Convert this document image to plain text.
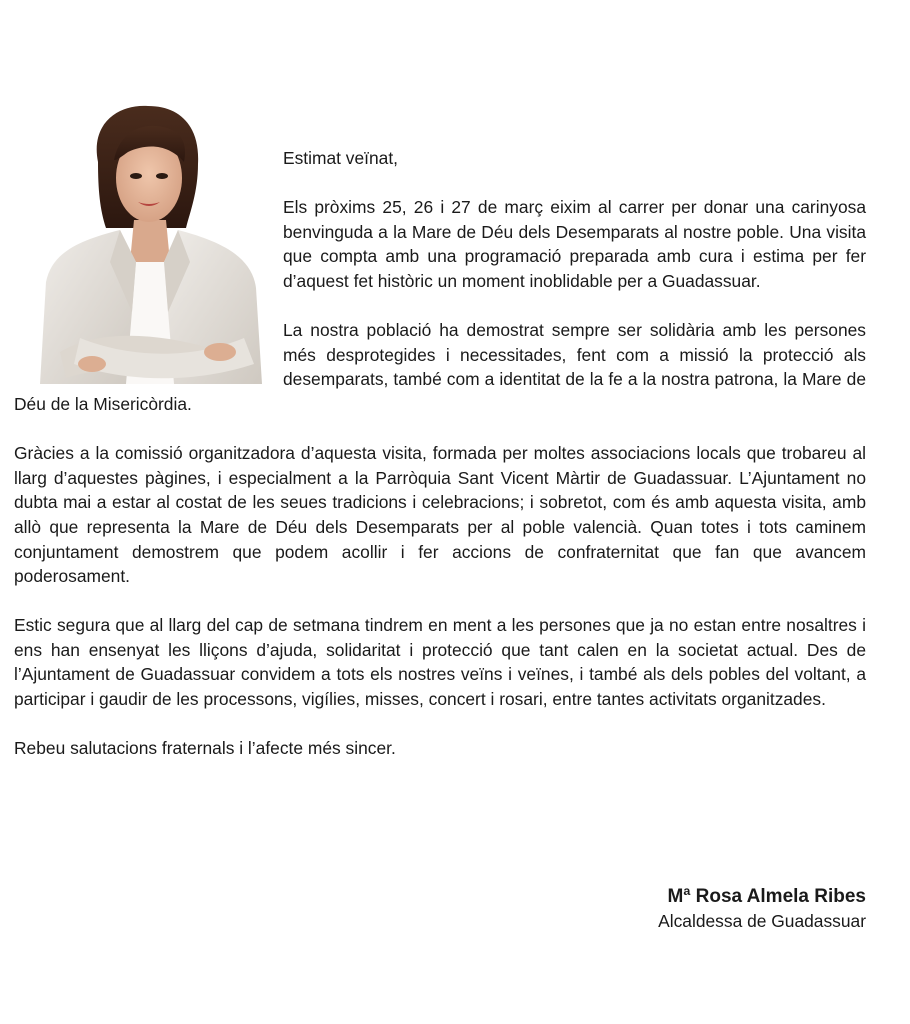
Estimat veïnat,

Els pròxims 25, 26 i 27 de març eixim al carrer per donar una carinyosa benvinguda a la Mare de Déu dels Desemparats al nostre poble. Una visita que compta amb una programació preparada amb cura i estima per fer d’aquest fet històric un moment inoblidable per a Guadassuar.

La nostra població ha demostrat sempre ser solidària amb les persones més desprotegides i necessitades, fent com a missió la protecció als desemparats, també com a identitat de la fe a la nostra patrona, la Mare de Déu de la Misericòrdia.

Gràcies a la comissió organitzadora d’aquesta visita, formada per moltes associacions locals que trobareu al llarg d’aquestes pàgines, i especialment a la Parròquia Sant Vicent Màrtir de Guadassuar. L’Ajuntament no dubta mai a estar al costat de les seues tradicions i celebracions; i sobretot, com és amb aquesta visita, amb allò que representa la Mare de Déu dels Desemparats per al poble valencià. Quan totes i tots caminem conjuntament demostrem que podem acollir i fer accions de confraternitat que fan que avancem poderosament.

Estic segura que al llarg del cap de setmana tindrem en ment a les persones que ja no estan entre nosaltres i ens han ensenyat les lliçons d’ajuda, solidaritat i protecció que tant calen en la societat actual. Des de l’Ajuntament de Guadassuar convidem a tots els nostres veïns i veïnes, i també als dels pobles del voltant, a participar i gaudir de les processons, vigílies, misses, concert i rosari, entre tantes activitats organitzades.

Rebeu salutacions fraternals i l’afecte més sincer.

Mª Rosa Almela Ribes
Alcaldessa de Guadassuar
